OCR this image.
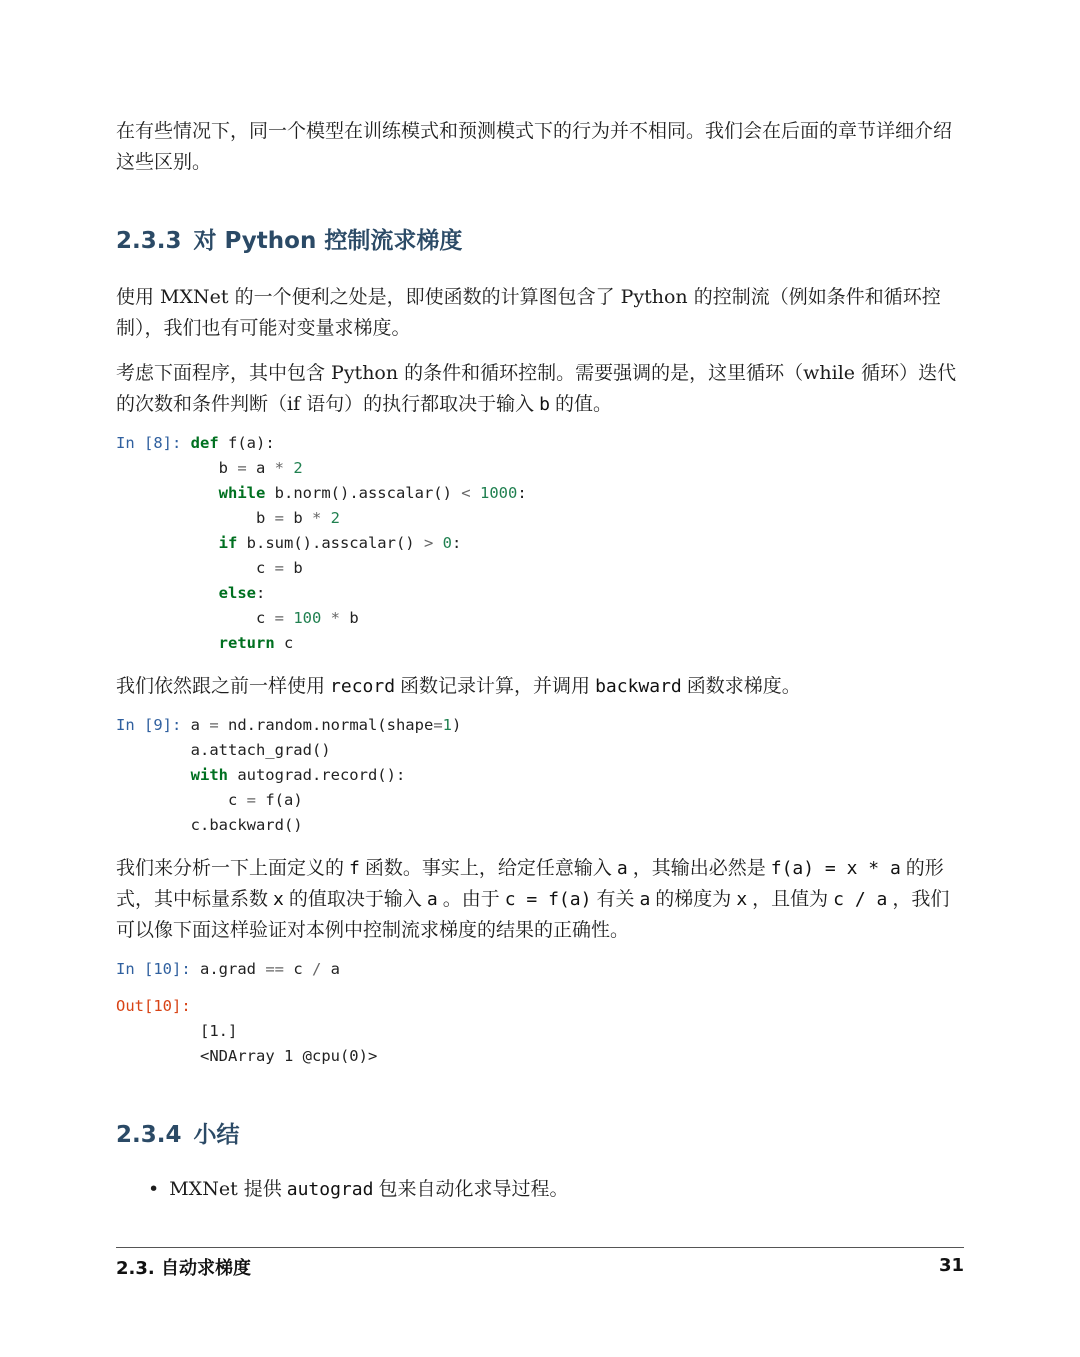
在有些情况下，同一个模型在训练模式和预测模式下的行为并不相同。我们会在后面的章节详细介绍这些区别。

2.3.3 对 Python 控制流求梯度

使用 MXNet 的一个便利之处是，即使函数的计算图包含了 Python 的控制流（例如条件和循环控制），我们也有可能对变量求梯度。

考虑下面程序，其中包含 Python 的条件和循环控制。需要强调的是，这里循环（while 循环）迭代的次数和条件判断（if 语句）的执行都取决于输入 b 的值。

In [8]: def f(a):
b = a * 2
while b.norm().asscalar() < 1000:
b = b * 2
if b.sum().asscalar() > 0:
c = b
else:
c = 100 * b
return c

我们依然跟之前一样使用 record 函数记录计算，并调用 backward 函数求梯度。

In [9]: a = nd.random.normal(shape=1)
a.attach_grad()
with autograd.record():
c = f(a)
c.backward()

我们来分析一下上面定义的 f 函数。事实上，给定任意输入 a ，其输出必然是 f(a) = x * a 的形式，其中标量系数 x 的值取决于输入 a 。由于 c = f(a) 有关 a 的梯度为 x ，且值为 c / a ，我们可以像下面这样验证对本例中控制流求梯度的结果的正确性。

In [10]: a.grad == c / a
Out[10]:
[1.]
<NDArray 1 @cpu(0)>
2.3.4 小结

• MXNet 提供 autograd 包来自动化求导过程。

2.3. 自动求梯度	31
